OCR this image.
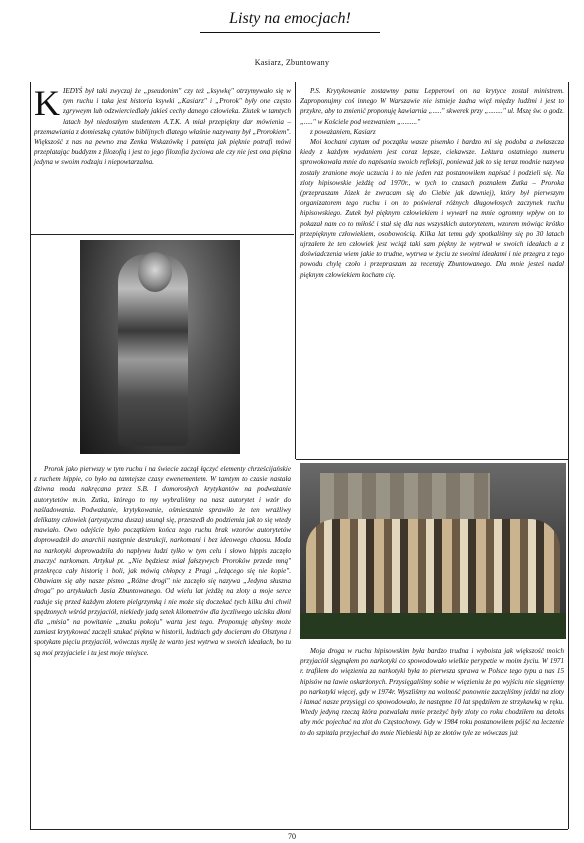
Listy na emocjach!
Kasiarz, Zbuntowany

KIEDYŚ był taki zwyczaj że „pseudonim" czy też „ksywkę" otrzymywało się w tym ruchu i taka jest historia ksywki „Kasiarz" i „Prorok" były one często zgryweym lub odzwierciedlały jakieś cechy danego człowieka. Ziutek w tamtych latach był niedoszłym studentem A.T.K. A miał przepiękny dar mówienia – przemawiania z domieszką cytatów biblijnych dlatego właśnie nazywany był „Prorokiem". Większość z nas na pewno zna Zenka Wskazówkę i pamięta jak pięknie potrafi mówi przeplatając buddyzm z filozofią i jest to jego filozofia życiowa ale czy nie jest ona piękna jedyna w swoim rodzaju i niepowtarzalna.

Prorok jako pierwszy w tym ruchu i na świecie zaczął łączyć elementy chrześcijańskie z ruchem hippie, co było na tamtejsze czasy ewenementem. W tamtym to czasie nastała dziwna moda nakręcana przez S.B. I domorosłych krytykantów na podważanie autorytetów m.in. Zutka, którego to my wybraliśmy na nasz autorytet i wzór do naśladowania. Podważanie, krytykowanie, ośmieszanie sprawiło że ten wrażliwy delikatny człowiek (artystyczna dusza) usunął się, przeszedł do podziemia jak to się wtedy mawiało. Owo odejście było początkiem końca tego ruchu brak wzorów autorytetów doprowadził do anarchii następnie destrukcji, narkomani i bez ideowego chaosu. Moda na narkotyki doprowadziła do napływu ludzi tylko w tym celu i słowo hippis zaczęło znaczyć narkoman. Artykuł pt. „Nie będziesz miał fałszywych Proroków przede mną" przekręca cały historię i boli, jak mówią chłopcy z Pragi „leżącego się nie kopie". Obawiam się aby nasze pismo „Różne drogi" nie zaczęło się nazywa „Jedyna słuszna droga" po artykułach Jasia Zbuntowanego. Od wielu lat jeżdżę na zloty a moje serce raduje się przed każdym złotem pielgrzymką i nie może się doczekać tych kilku dni chwil spędzonych wśród przyjaciół, niekiedy jadą setek kilometrów dla życzliwego uścisku dłoni dla „misia" na powitanie „znaku pokoju" warta jest tego. Proponuję abyśmy może zamiast krytykować zaczęli szukać piękna w historii, ludziach gdy docieram do Olsztyna i spotykam pięciu przyjaciół, wówczas myślę że warto jest wytrwa w swoich ideałach, bo tu są moi przyjaciele i tu jest moje miejsce.

P.S. Krytykowanie zostawmy panu Lepperowi on na krytyce został ministrem. Zaproponujmy coś innego W Warszawie nie istnieje żadna więź między ludźmi i jest to przykre, aby to zmienić proponuję kawiarnia „....." skwerek przy „........" ul. Mszę św. o godz. „....." w Kościele pod wezwaniem „........."

z poważaniem, Kasiarz

Moi kochani czytam od początku wasze pisemko i bardzo mi się podoba a zwłaszcza kiedy z każdym wydaniem jest coraz lepsze, ciekawsze. Lektura ostatniego numeru sprowokowała mnie do napisania swoich refleksji, ponieważ jak to się teraz modnie nazywa zostały zranione moje uczucia i to nie jeden raz postanowiłem napisać i podzieli się. Na zloty hipisowskie jeżdżę od 1970r., w tych to czasach poznałem Zutka – Proroka (przepraszam Józek że zwracam się do Ciebie jak dawniej), który był pierwszym organizatorem tego ruchu i on to poświerał różnych długowłosych zaczynek ruchu hipisowskiego. Zutek był pięknym człowiekiem i wywarł na mnie ogromny wpływ on to pokazał nam co to miłość i stał się dla nas wszystkich autorytetem, wzorem mówiąc krótko przepięknym człowiekiem, osobowością. Kilka lat temu gdy spotkaliśmy się po 30 latach ujrzałem że ten człowiek jest wciąż taki sam piękny że wytrwał w swoich ideałach a z doświadczenia wiem jakie to trudne, wytrwa w życiu ze swoimi ideałami i nie przegra z tego powodu chylę czoło i przepraszam za recenzję Zbuntowanego. Dla mnie jesteś nadal pięknym człowiekiem kocham cię.

Moja droga w ruchu hipisowskim była bardzo trudna i wyboista jak większość moich przyjaciół sięgnąłem po narkotyki co spowodowało wielkie perypetie w moim życiu. W 1971 r. trafiłem do więzienia za narkotyki była to pierwsza sprawa w Polsce tego typu a nas 15 hipisów na lawie oskarżonych. Przysięgaliśmy sobie w więzieniu że po wyjściu nie sięgniemy po narkotyki więcej, gdy w 1974r. Wyszliśmy na wolność ponownie zaczęliśmy jeździ na zloty i łamać nasze przysięgi co spowodowało, że następne 10 lat spędziłem ze strzykawką w ręku. Wtedy jedyną rzeczą która pozwalała mnie przeżyć były zloty co roku chodziłem na detoks aby móc pojechać na zlot do Częstochowy. Gdy w 1984 roku postanowiłem pójść na leczenie to do szpitala przyjechał do mnie Niebieski hip ze złotów tyle ze wówczas już

70
